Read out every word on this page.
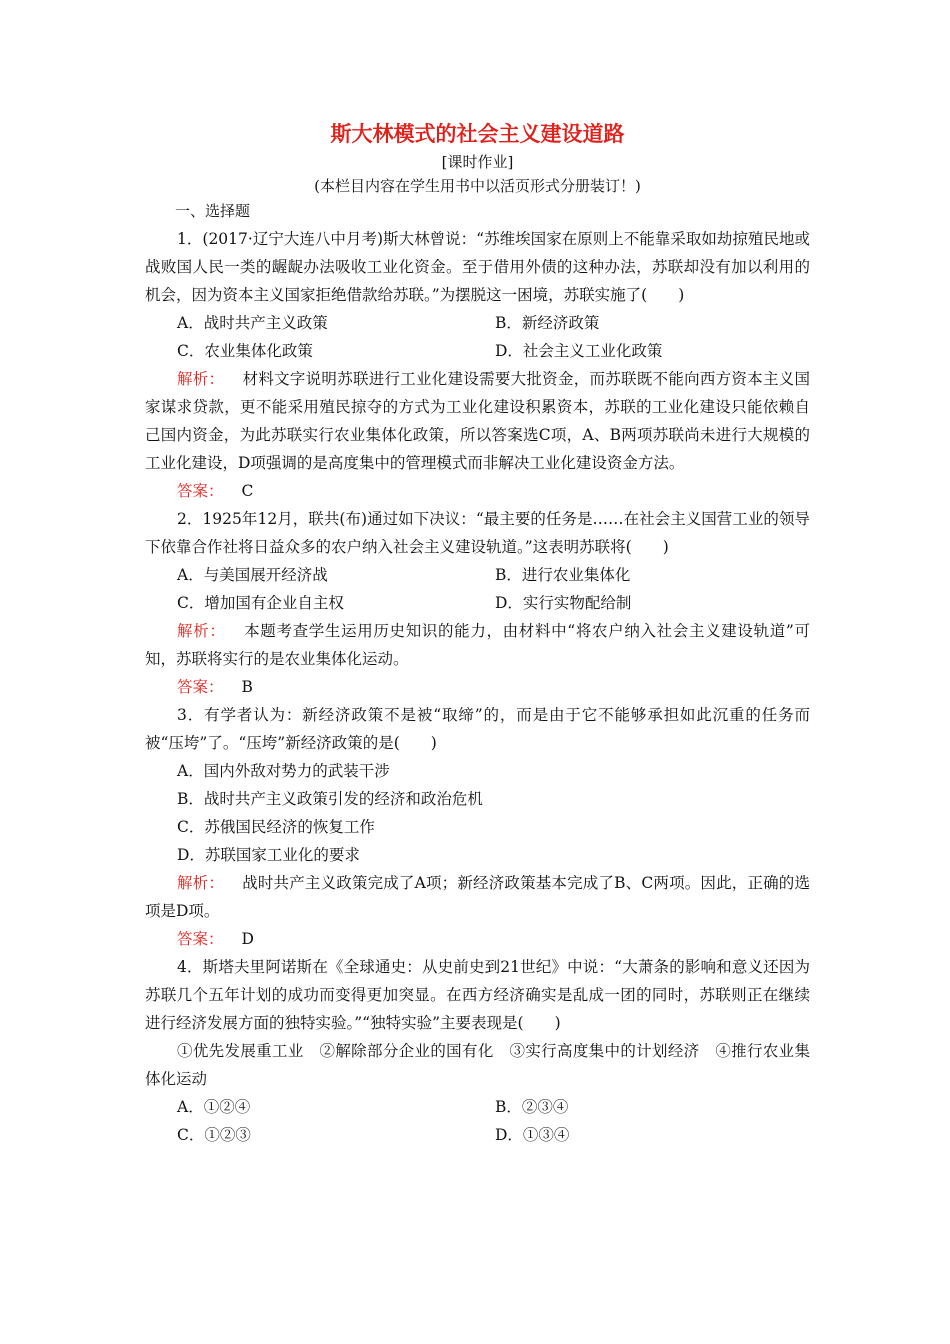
斯大林模式的社会主义建设道路
[课时作业]
(本栏目内容在学生用书中以活页形式分册装订！)
一、选择题

1．(2017·辽宁大连八中月考)斯大林曾说：“苏维埃国家在原则上不能靠采取如劫掠殖民地或战败国人民一类的龌龊办法吸收工业化资金。至于借用外债的这种办法，苏联却没有加以利用的机会，因为资本主义国家拒绝借款给苏联。”为摆脱这一困境，苏联实施了(　　)

A．战时共产主义政策	B．新经济政策
C．农业集体化政策	D．社会主义工业化政策

解析： 材料文字说明苏联进行工业化建设需要大批资金，而苏联既不能向西方资本主义国家谋求贷款，更不能采用殖民掠夺的方式为工业化建设积累资本，苏联的工业化建设只能依赖自己国内资金，为此苏联实行农业集体化政策，所以答案选C项，A、B两项苏联尚未进行大规模的工业化建设，D项强调的是高度集中的管理模式而非解决工业化建设资金方法。

答案： C

2．1925年12月，联共(布)通过如下决议：“最主要的任务是……在社会主义国营工业的领导下依靠合作社将日益众多的农户纳入社会主义建设轨道。”这表明苏联将(　　)

A．与美国展开经济战	B．进行农业集体化
C．增加国有企业自主权	D．实行实物配给制

解析： 本题考查学生运用历史知识的能力，由材料中“将农户纳入社会主义建设轨道”可知，苏联将实行的是农业集体化运动。

答案： B

3．有学者认为：新经济政策不是被“取缔”的，而是由于它不能够承担如此沉重的任务而被“压垮”了。“压垮”新经济政策的是(　　)

A．国内外敌对势力的武装干涉
B．战时共产主义政策引发的经济和政治危机
C．苏俄国民经济的恢复工作
D．苏联国家工业化的要求

解析： 战时共产主义政策完成了A项；新经济政策基本完成了B、C两项。因此，正确的选项是D项。

答案： D

4．斯塔夫里阿诺斯在《全球通史：从史前史到21世纪》中说：“大萧条的影响和意义还因为苏联几个五年计划的成功而变得更加突显。在西方经济确实是乱成一团的同时，苏联则正在继续进行经济发展方面的独特实验。”“独特实验”主要表现是(　　)

①优先发展重工业　②解除部分企业的国有化　③实行高度集中的计划经济　④推行农业集体化运动

A．①②④	B．②③④
C．①②③	D．①③④
